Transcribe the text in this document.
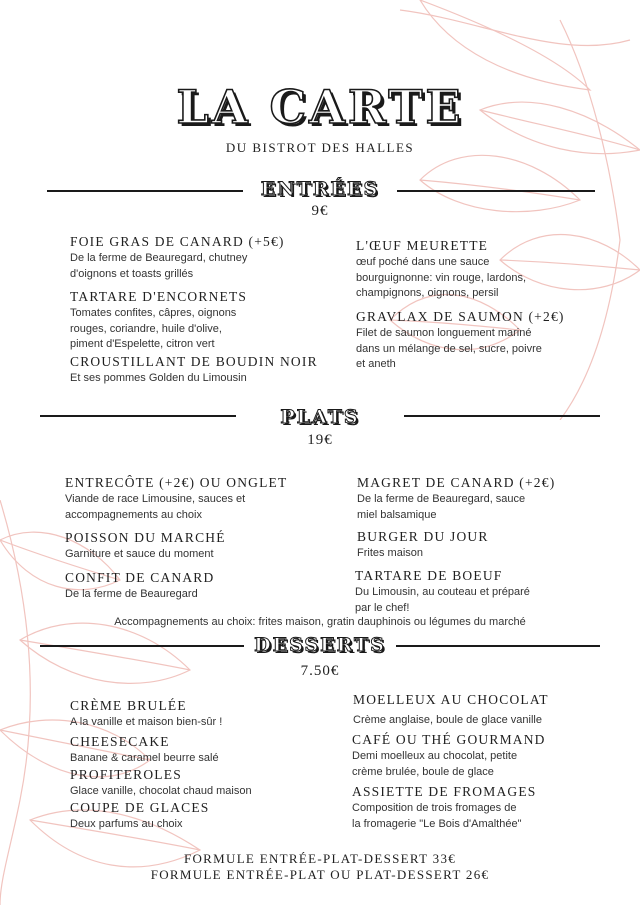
LA CARTE
DU BISTROT DES HALLES
ENTRÉES
9€
FOIE GRAS DE CANARD (+5€)
De la ferme de Beauregard, chutney
d'oignons et toasts grillés
TARTARE D'ENCORNETS
Tomates confites, câpres, oignons
rouges, coriandre, huile d'olive,
piment d'Espelette, citron vert
CROUSTILLANT DE BOUDIN NOIR
Et ses pommes Golden du Limousin
L'ŒUF MEURETTE
œuf poché dans une sauce
bourguignonne: vin rouge, lardons,
champignons, oignons, persil
GRAVLAX DE SAUMON (+2€)
Filet de saumon longuement mariné
dans un mélange de sel, sucre, poivre
et aneth
PLATS
19€
ENTRECÔTE (+2€) OU ONGLET
Viande de race Limousine, sauces et
accompagnements au choix
POISSON DU MARCHÉ
Garniture et sauce du moment
CONFIT DE CANARD
De la ferme de Beauregard
MAGRET DE CANARD (+2€)
De la ferme de Beauregard, sauce
miel balsamique
BURGER DU JOUR
Frites maison
TARTARE DE BOEUF
Du Limousin, au couteau et préparé
par le chef!
Accompagnements au choix: frites maison, gratin dauphinois ou légumes du marché
DESSERTS
7.50€
CRÈME BRULÉE
A la vanille et maison bien-sûr !
CHEESECAKE
Banane & caramel beurre salé
PROFITEROLES
Glace vanille, chocolat chaud maison
COUPE DE GLACES
Deux parfums au choix
MOELLEUX AU CHOCOLAT
Crème anglaise, boule de glace vanille
CAFÉ OU THÉ GOURMAND
Demi moelleux au chocolat, petite
crème brulée, boule de glace
ASSIETTE DE FROMAGES
Composition de trois fromages de
la fromagerie "Le Bois d'Amalthée"
FORMULE ENTRÉE-PLAT-DESSERT 33€
FORMULE ENTRÉE-PLAT OU PLAT-DESSERT 26€
